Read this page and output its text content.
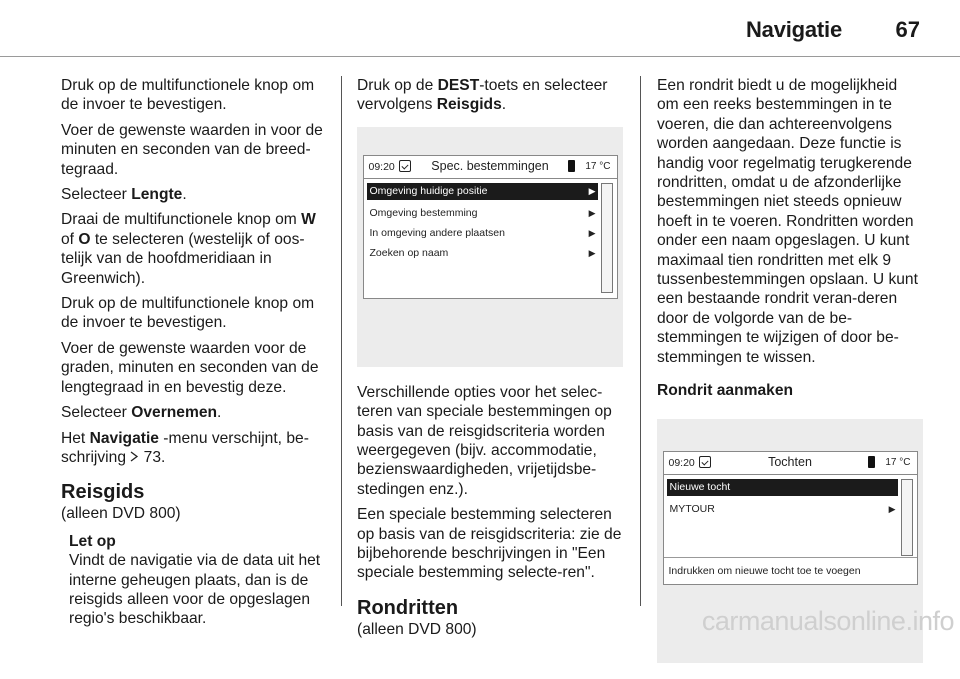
Navigatie 67

Druk op de multifunctionele knop om de invoer te bevestigen.

Voer de gewenste waarden in voor de minuten en seconden van de breed-tegraad.

Selecteer Lengte.

Draai de multifunctionele knop om W of O te selecteren (westelijk of oos-telijk van de hoofdmeridiaan in Greenwich).

Druk op de multifunctionele knop om de invoer te bevestigen.

Voer de gewenste waarden voor de graden, minuten en seconden van de lengtegraad in en bevestig deze.

Selecteer Overnemen.

Het Navigatie -menu verschijnt, be-schrijving  73.

Reisgids

(alleen DVD 800)

Let op
Vindt de navigatie via de data uit het interne geheugen plaats, dan is de reisgids alleen voor de opgeslagen regio's beschikbaar.

Druk op de DEST-toets en selecteer vervolgens Reisgids.

09:20	Spec. bestemmingen	17 °C
Omgeving huidige positie	▶
Omgeving bestemming	▶
In omgeving andere plaatsen	▶
Zoeken op naam	▶

Verschillende opties voor het selec-teren van speciale bestemmingen op basis van de reisgidscriteria worden weergegeven (bijv. accommodatie, bezienswaardigheden, vrijetijdsbe-stedingen enz.).

Een speciale bestemming selecteren op basis van de reisgidscriteria: zie de bijbehorende beschrijvingen in "Een speciale bestemming selecte-ren".

Rondritten

(alleen DVD 800)

Een rondrit biedt u de mogelijkheid om een reeks bestemmingen in te voeren, die dan achtereenvolgens worden aangedaan. Deze functie is handig voor regelmatig terugkerende rondritten, omdat u de afzonderlijke bestemmingen niet steeds opnieuw hoeft in te voeren. Rondritten worden onder een naam opgeslagen. U kunt maximaal tien rondritten met elk 9 tussenbestemmingen opslaan. U kunt een bestaande rondrit veran-deren door de volgorde van de be-stemmingen te wijzigen of door be-stemmingen te wissen.

Rondrit aanmaken
09:20	Tochten	17 °C
Nieuwe tocht
MYTOUR	▶
Indrukken om nieuwe tocht toe te voegen
carmanualsonline.info
